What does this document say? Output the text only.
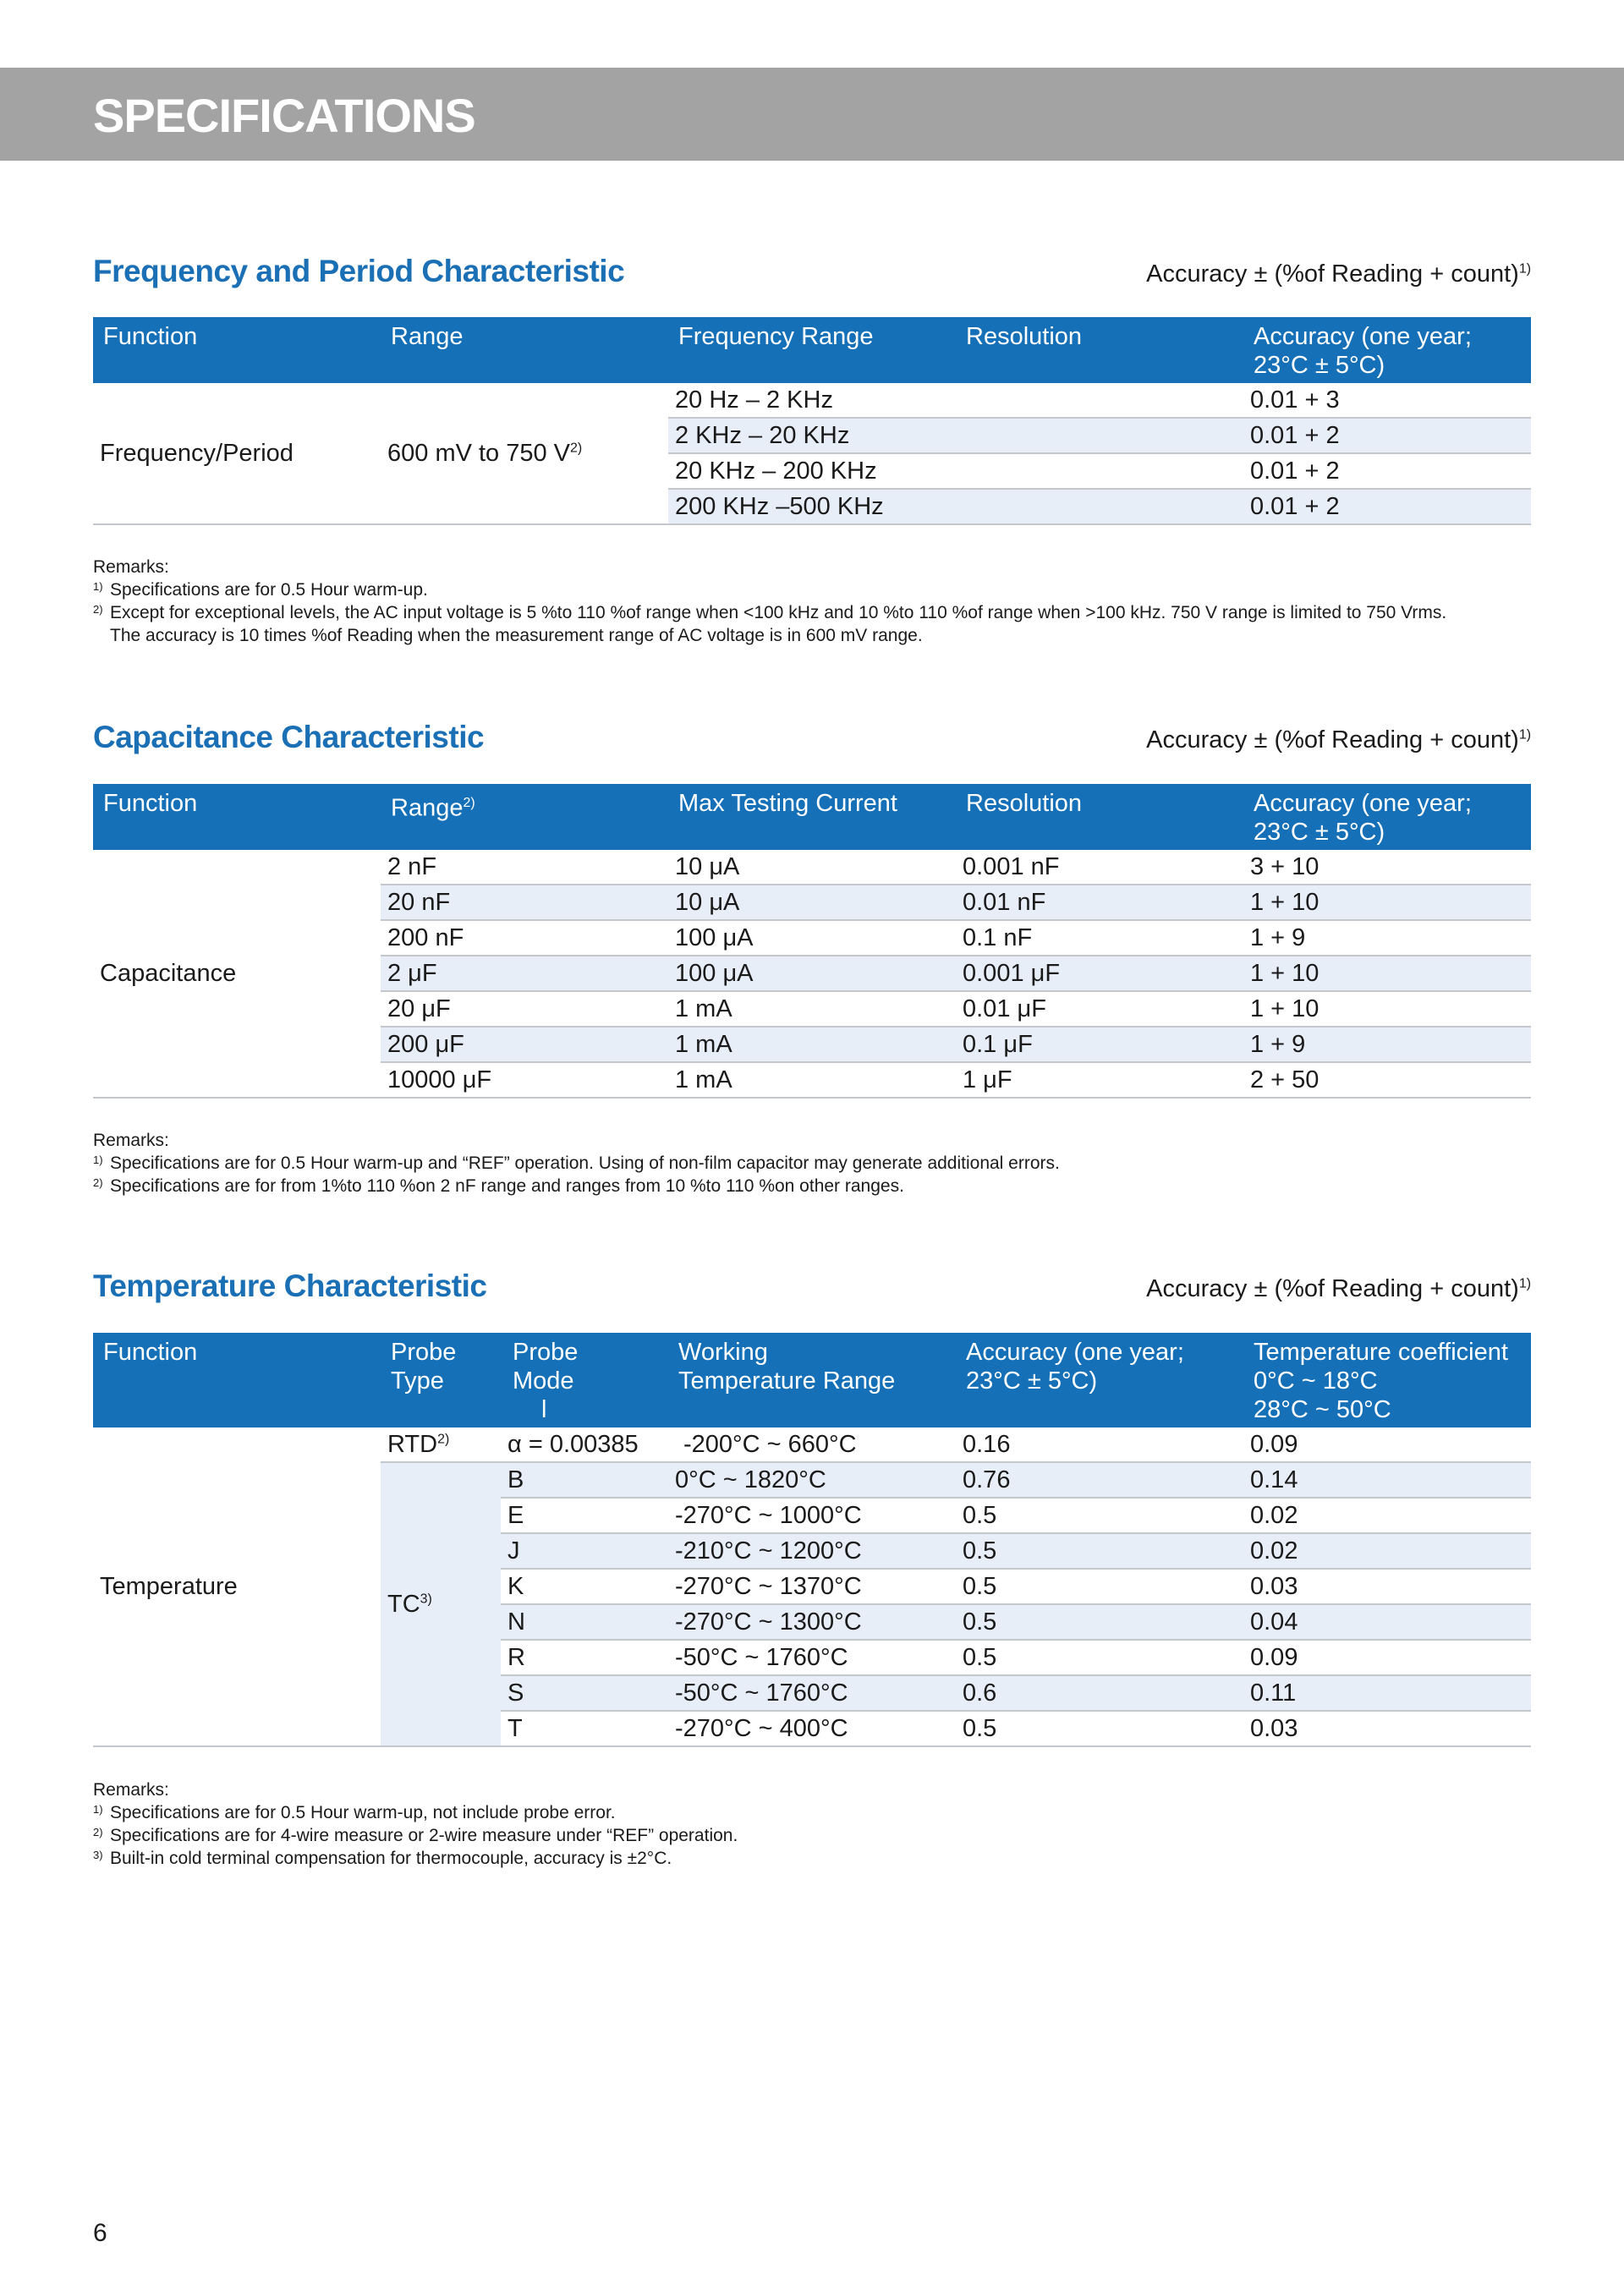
SPECIFICATIONS
Frequency and Period Characteristic	Accuracy ± (%of Reading + count)$^{1)}$
Function	Range	Frequency Range	Resolution	Accuracy (one year;
23°C ± 5°C)
Frequency/Period	600 mV to 750 $V^{2)}$	20 Hz – 2 KHz		0.01 + 3
		2 KHz – 20 KHz		0.01 + 2
		20 KHz – 200 KHz		0.01 + 2
		200 KHz –500 KHz		0.01 + 2
Remarks:
1) Specifications are for 0.5 Hour warm-up.
2) Except for exceptional levels, the AC input voltage is 5 %to 110 %of range when <100 kHz and 10 %to 110 %of range when >100 kHz. 750 V range is limited to 750 Vrms.
The accuracy is 10 times %of Reading when the measurement range of AC voltage is in 600 mV range.
Capacitance Characteristic	Accuracy ± (%of Reading + count)$^{1)}$
Function	Range$^{2)}$	Max Testing Current	Resolution	Accuracy (one year;
23°C ± 5°C)
Capacitance	2 nF	10 μA	0.001 nF	3 + 10
	20 nF	10 μA	0.01 nF	1 + 10
	200 nF	100 μA	0.1 nF	1 + 9
	2 μF	100 μA	0.001 μF	1 + 10
	20 μF	1 mA	0.01 μF	1 + 10
	200 μF	1 mA	0.1 μF	1 + 9
	10000 μF	1 mA	1 μF	2 + 50
Remarks:
1) Specifications are for 0.5 Hour warm-up and “REF” operation. Using of non-film capacitor may generate additional errors.
2) Specifications are for from 1%to 110 %on 2 nF range and ranges from 10 %to 110 %on other ranges.
Temperature Characteristic	Accuracy ± (%of Reading + count)$^{1)}$
Function	Probe
Type	Probe
Mode
l	Working
Temperature Range	Accuracy (one year;
23°C ± 5°C)	Temperature coefficient
0°C ~ 18°C
28°C ~ 50°C
Temperature	RTD$^{2)}$	α = 0.00385	-200°C ~ 660°C	0.16	0.09
	TC$^{3)}$	B	0°C ~ 1820°C	0.76	0.14
		E	-270°C ~ 1000°C	0.5	0.02
		J	-210°C ~ 1200°C	0.5	0.02
		K	-270°C ~ 1370°C	0.5	0.03
		N	-270°C ~ 1300°C	0.5	0.04
		R	-50°C ~ 1760°C	0.5	0.09
		S	-50°C ~ 1760°C	0.6	0.11
		T	-270°C ~ 400°C	0.5	0.03
Remarks:
1) Specifications are for 0.5 Hour warm-up, not include probe error.
2) Specifications are for 4-wire measure or 2-wire measure under “REF” operation.
3) Built-in cold terminal compensation for thermocouple, accuracy is ±2°C.
6
